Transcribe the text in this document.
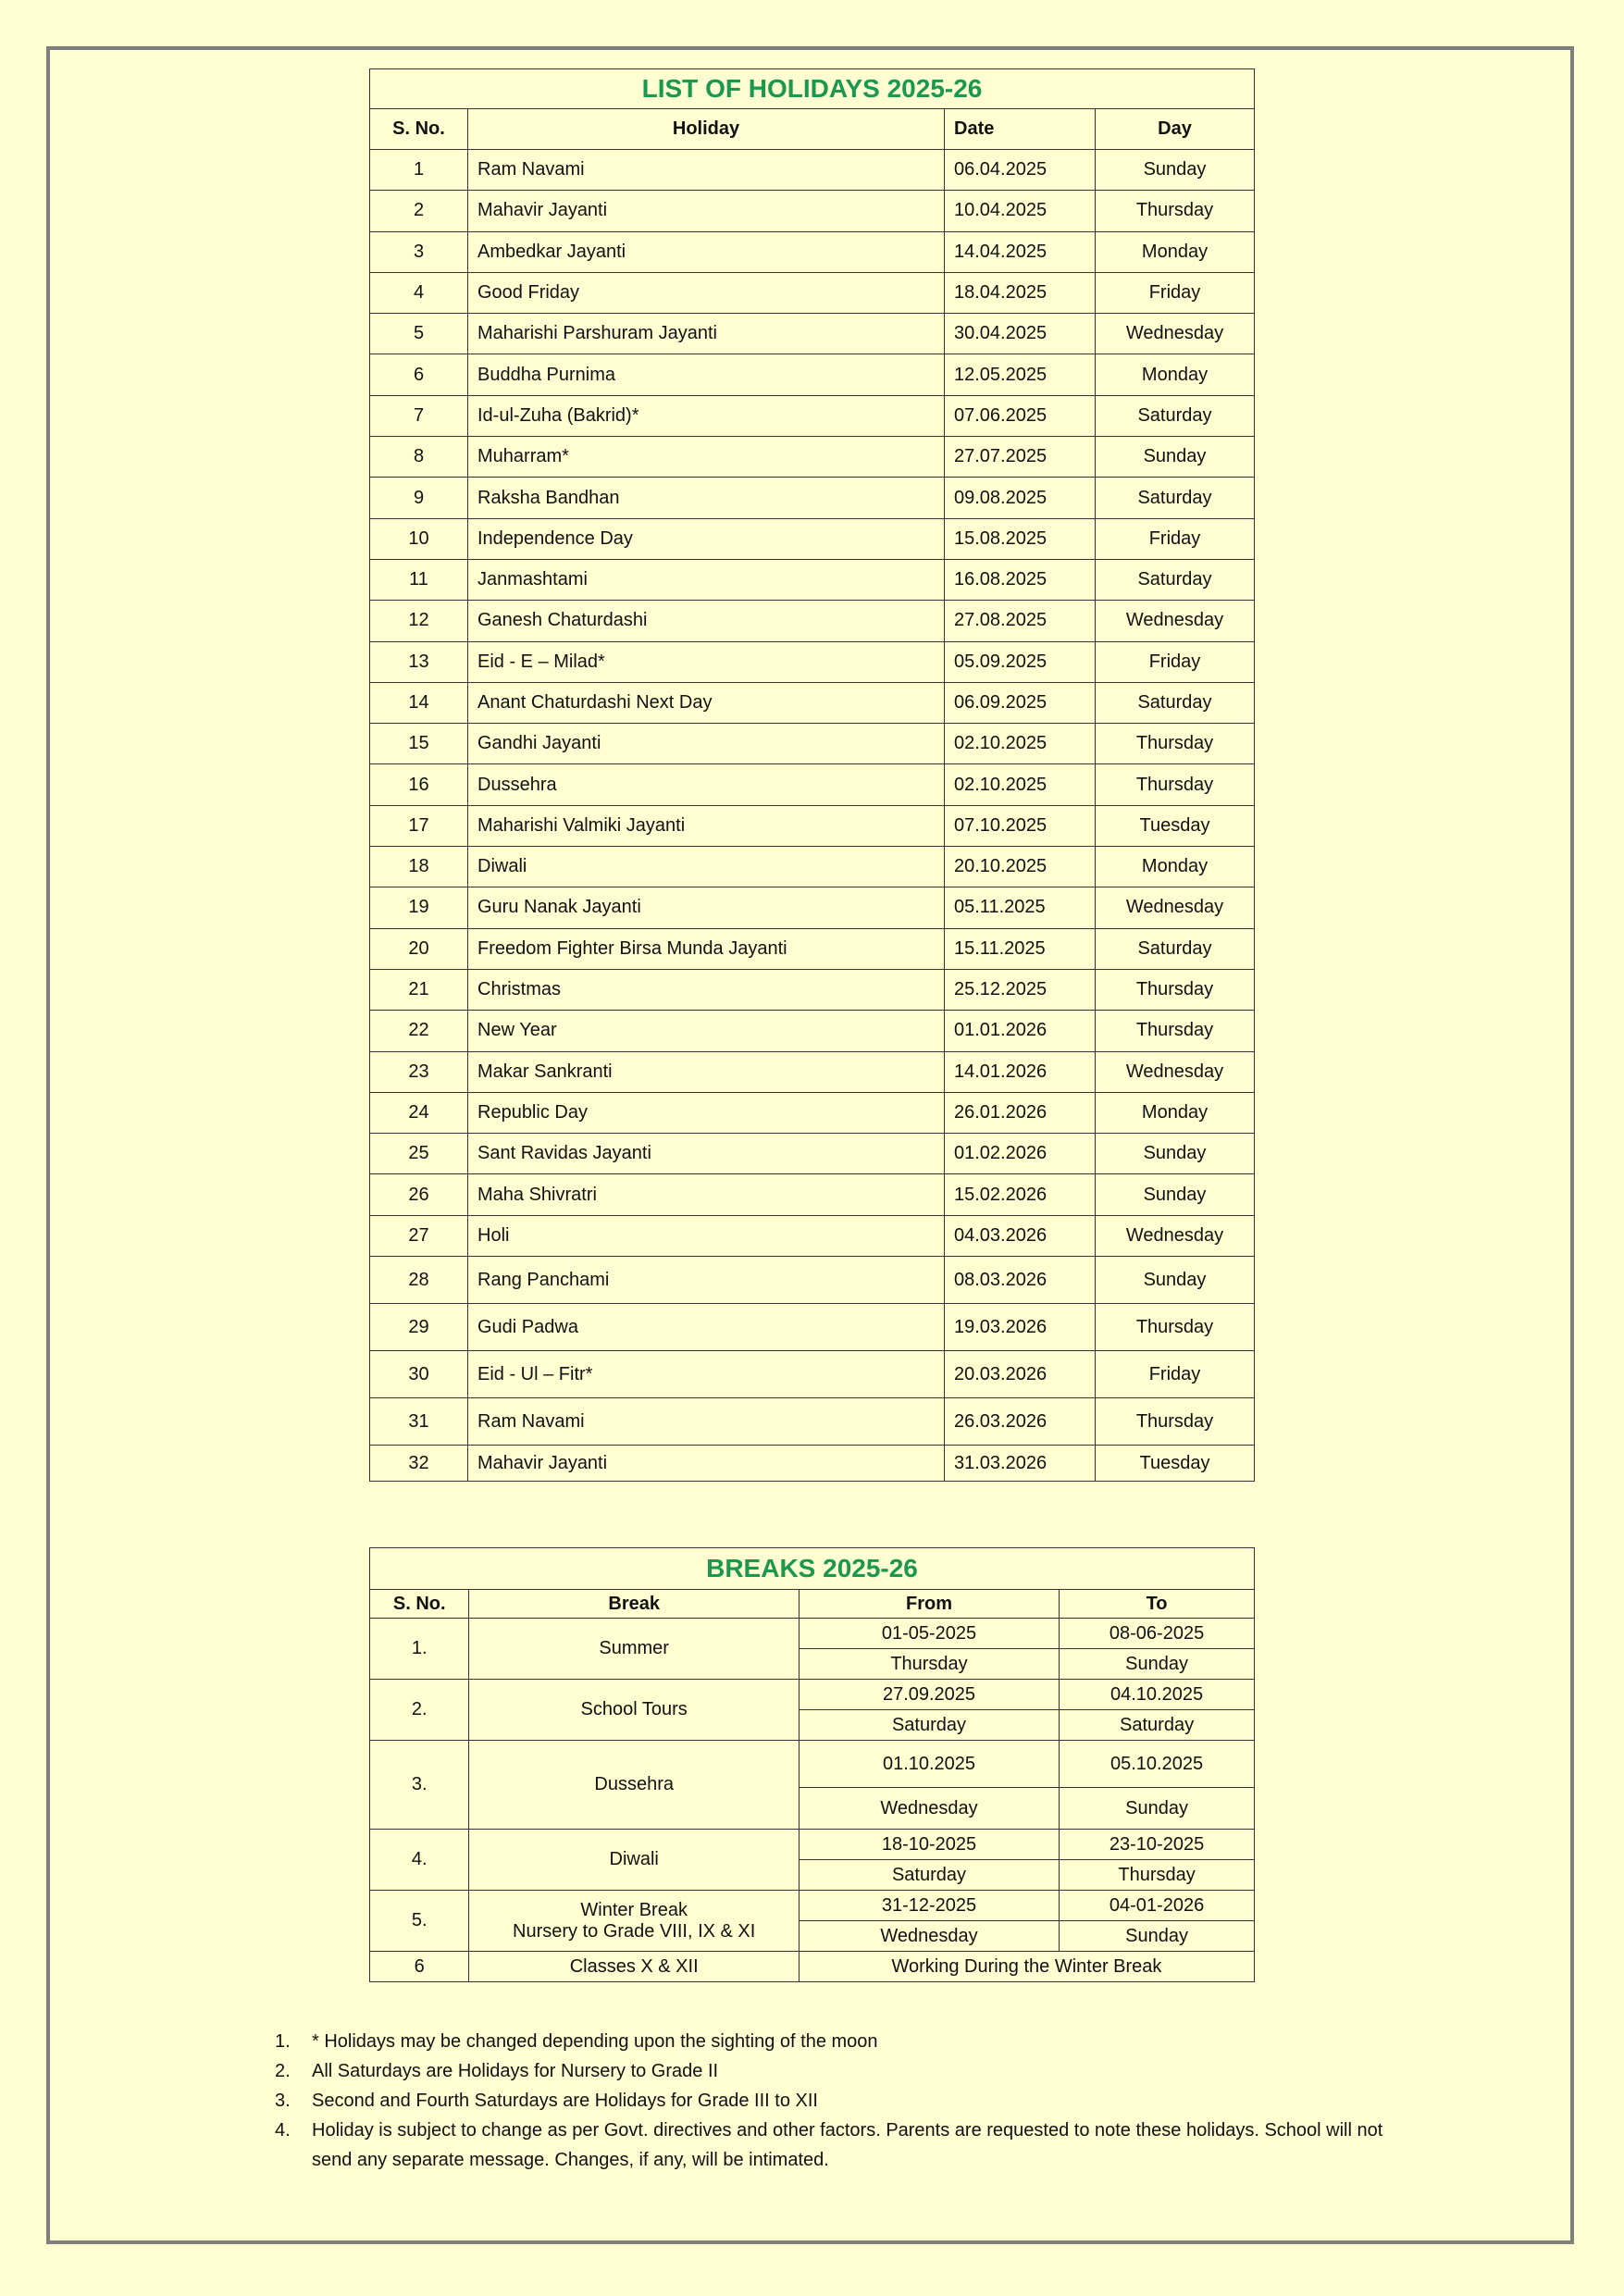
LIST OF HOLIDAYS 2025-26			
S. No.	Holiday	Date	Day
1	Ram Navami	06.04.2025	Sunday
2	Mahavir Jayanti	10.04.2025	Thursday
3	Ambedkar Jayanti	14.04.2025	Monday
4	Good Friday	18.04.2025	Friday
5	Maharishi Parshuram Jayanti	30.04.2025	Wednesday
6	Buddha Purnima	12.05.2025	Monday
7	Id-ul-Zuha (Bakrid)*	07.06.2025	Saturday
8	Muharram*	27.07.2025	Sunday
9	Raksha Bandhan	09.08.2025	Saturday
10	Independence Day	15.08.2025	Friday
11	Janmashtami	16.08.2025	Saturday
12	Ganesh Chaturdashi	27.08.2025	Wednesday
13	Eid - E – Milad*	05.09.2025	Friday
14	Anant Chaturdashi Next Day	06.09.2025	Saturday
15	Gandhi Jayanti	02.10.2025	Thursday
16	Dussehra	02.10.2025	Thursday
17	Maharishi Valmiki Jayanti	07.10.2025	Tuesday
18	Diwali	20.10.2025	Monday
19	Guru Nanak Jayanti	05.11.2025	Wednesday
20	Freedom Fighter Birsa Munda Jayanti	15.11.2025	Saturday
21	Christmas	25.12.2025	Thursday
22	New Year	01.01.2026	Thursday
23	Makar Sankranti	14.01.2026	Wednesday
24	Republic Day	26.01.2026	Monday
25	Sant Ravidas Jayanti	01.02.2026	Sunday
26	Maha Shivratri	15.02.2026	Sunday
27	Holi	04.03.2026	Wednesday
28	Rang Panchami	08.03.2026	Sunday
29	Gudi Padwa	19.03.2026	Thursday
30	Eid - Ul – Fitr*	20.03.2026	Friday
31	Ram Navami	26.03.2026	Thursday
32	Mahavir Jayanti	31.03.2026	Tuesday
BREAKS 2025-26			
S. No.	Break	From	To
1.	Summer	01-05-2025	08-06-2025
		Thursday	Sunday
2.	School Tours	27.09.2025	04.10.2025
		Saturday	Saturday
3.	Dussehra	01.10.2025	05.10.2025
		Wednesday	Sunday
4.	Diwali	18-10-2025	23-10-2025
		Saturday	Thursday
5.	Winter Break
Nursery to Grade VIII, IX & XI	31-12-2025	04-01-2026
		Wednesday	Sunday
6	Classes X & XII	Working During the Winter Break	
1.	* Holidays may be changed depending upon the sighting of the moon
2.	All Saturdays are Holidays for Nursery to Grade II
3.	Second and Fourth Saturdays are Holidays for Grade III to XII
4.	Holiday is subject to change as per Govt. directives and other factors. Parents are requested to note these holidays. School will not send any separate message. Changes, if any, will be intimated.
